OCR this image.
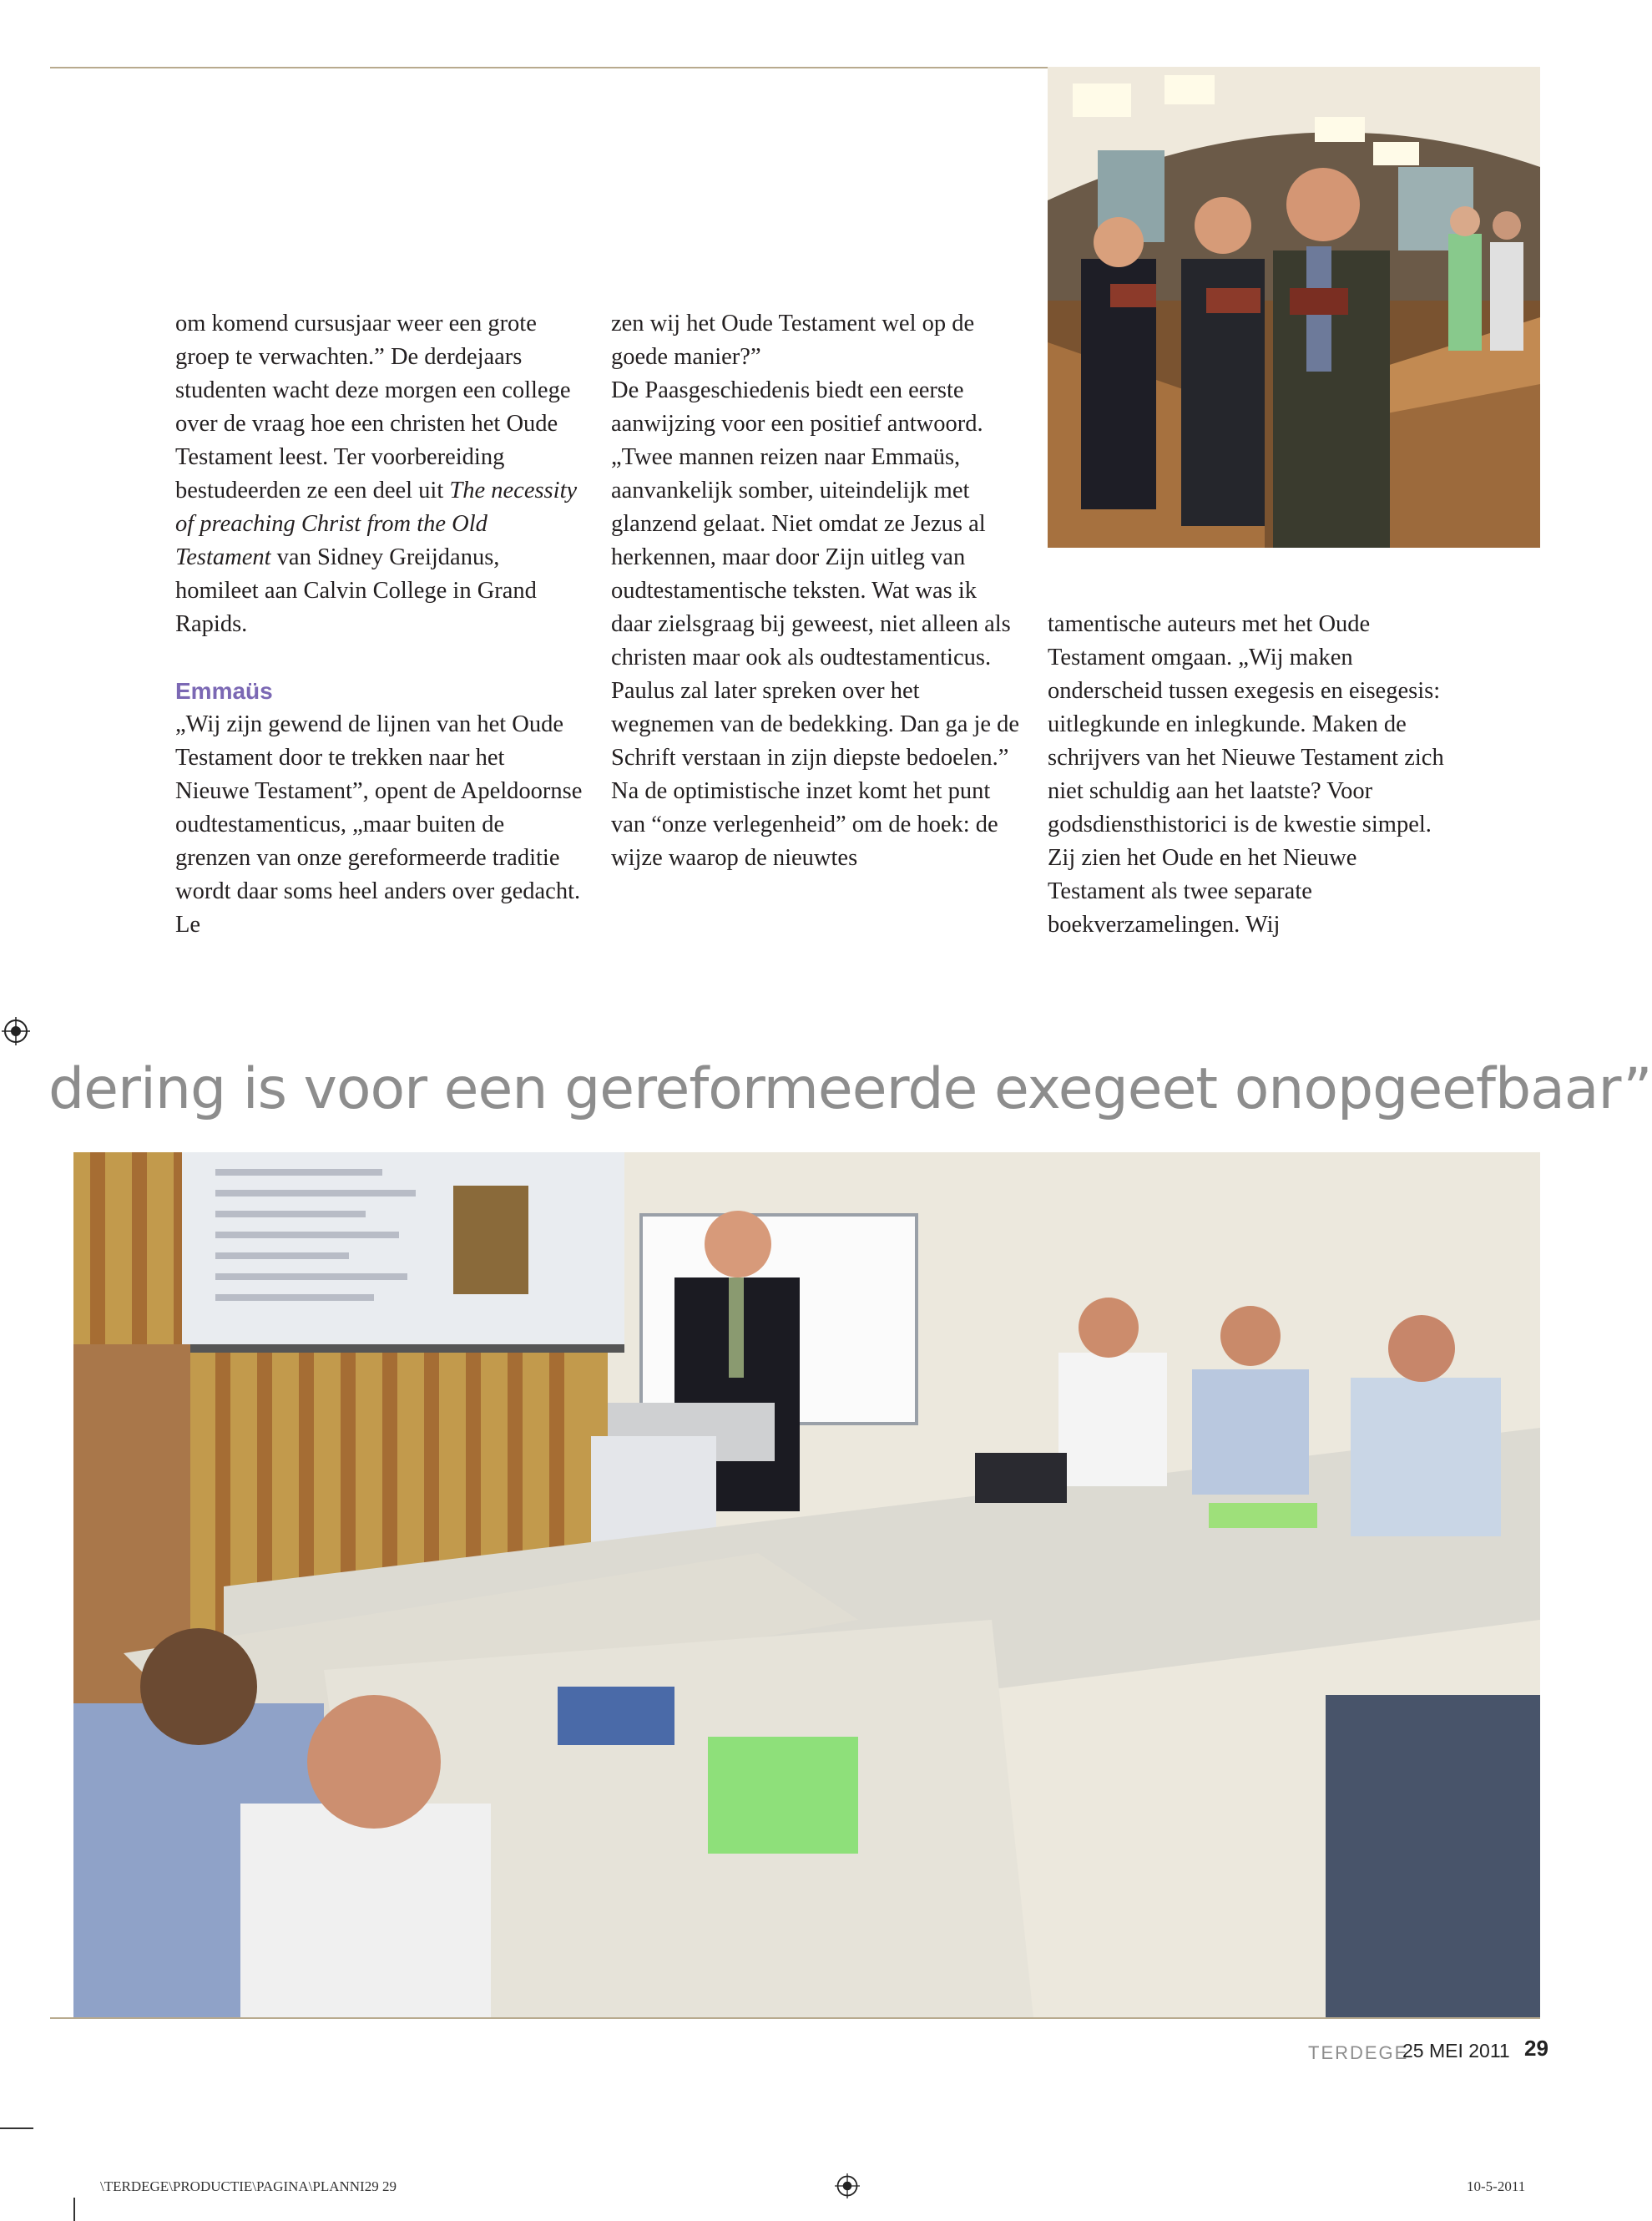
om komend cursusjaar weer een grote groep te verwachten.” De derdejaars studenten wacht deze morgen een college over de vraag hoe een christen het Oude Testament leest. Ter voorbereiding bestudeerden ze een deel uit The necessity of preaching Christ from the Old Testament van Sidney Greijdanus, homileet aan Calvin College in Grand Rapids.

Emmaüs

„Wij zijn gewend de lijnen van het Oude Testament door te trekken naar het Nieuwe Testament”, opent de Apeldoornse oudtestamenticus, „maar buiten de grenzen van onze gereformeerde traditie wordt daar soms heel anders over gedacht. Le

zen wij het Oude Testament wel op de goede manier?”

De Paasgeschiedenis biedt een eerste aanwijzing voor een positief antwoord. „Twee mannen reizen naar Emmaüs, aanvankelijk somber, uiteindelijk met glanzend gelaat. Niet omdat ze Jezus al herkennen, maar door Zijn uitleg van oudtestamentische teksten. Wat was ik daar zielsgraag bij geweest, niet alleen als christen maar ook als oudtestamenticus. Paulus zal later spreken over het wegnemen van de bedekking. Dan ga je de Schrift verstaan in zijn diepste bedoelen.”

Na de optimistische inzet komt het punt van “onze verlegenheid” om de hoek: de wijze waarop de nieuwtes

tamentische auteurs met het Oude Testament omgaan. „Wij maken onderscheid tussen exegesis en eisegesis: uitlegkunde en inlegkunde. Maken de schrijvers van het Nieuwe Testament zich niet schuldig aan het laatste? Voor godsdiensthistorici is de kwestie simpel. Zij zien het Oude en het Nieuwe Testament als twee separate boekverzamelingen. Wij

dering is voor een gereformeerde exegeet onopgeefbaar”
TERDEGE
25 MEI 2011 29
\TERDEGE\PRODUCTIE\PAGINA\PLANNI29 29	10-5-2011
